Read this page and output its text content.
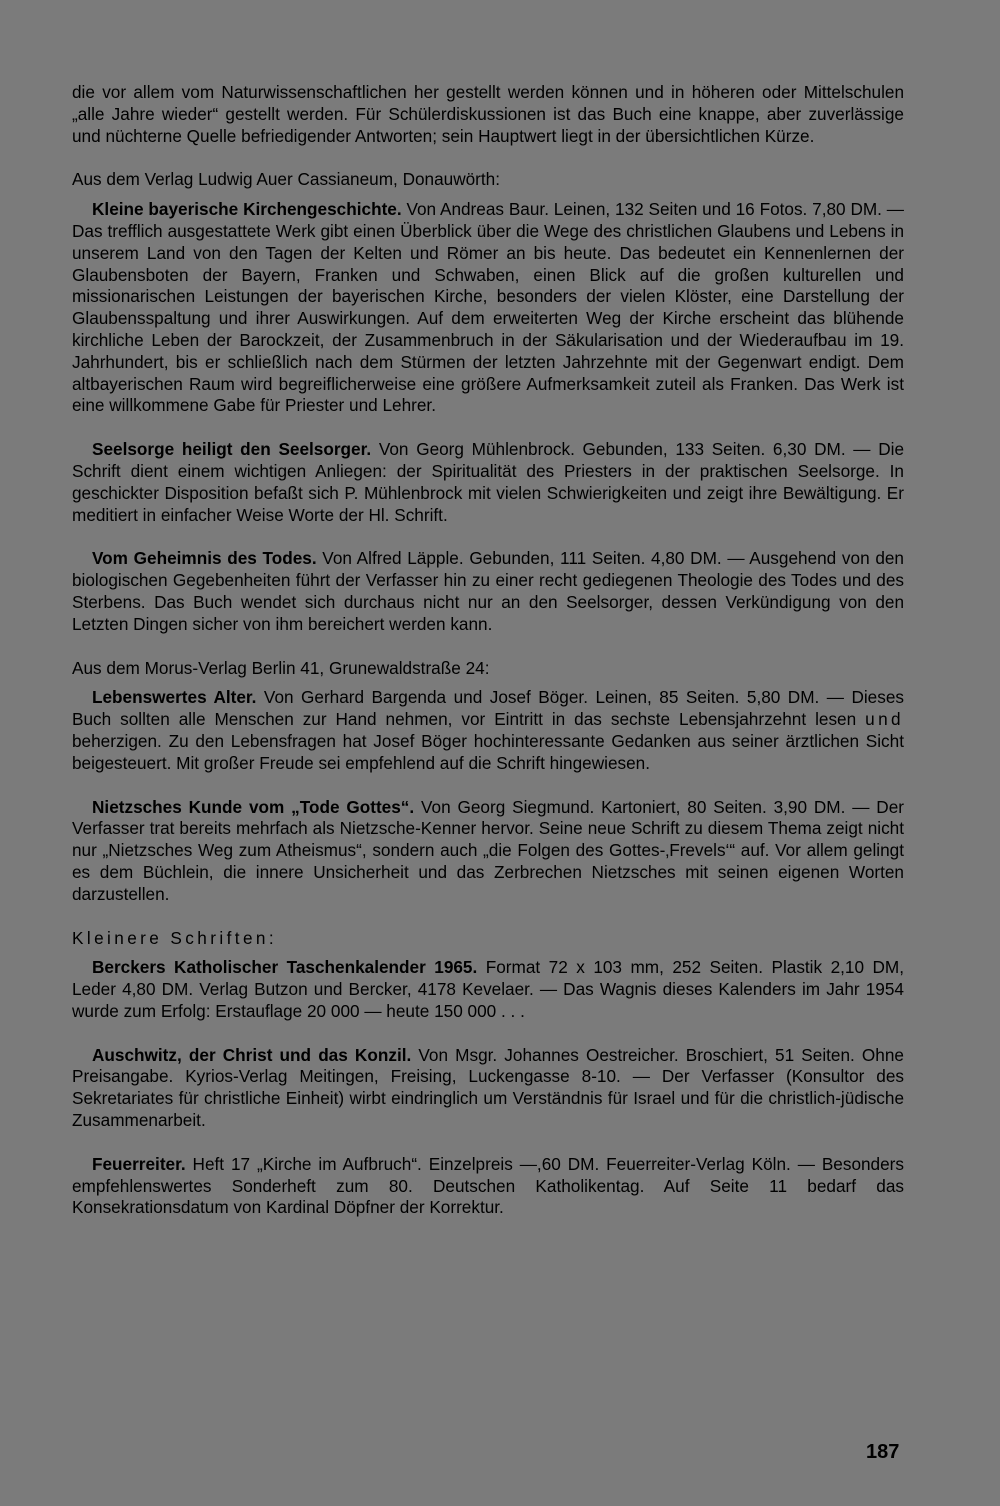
die vor allem vom Naturwissenschaftlichen her gestellt werden können und in höheren oder Mittelschulen „alle Jahre wieder“ gestellt werden. Für Schülerdiskussionen ist das Buch eine knappe, aber zuverlässige und nüchterne Quelle befriedigender Antworten; sein Hauptwert liegt in der übersichtlichen Kürze.

Aus dem Verlag Ludwig Auer Cassianeum, Donauwörth:

Kleine bayerische Kirchengeschichte. Von Andreas Baur. Leinen, 132 Seiten und 16 Fotos. 7,80 DM. — Das trefflich ausgestattete Werk gibt einen Überblick über die Wege des christlichen Glaubens und Lebens in unserem Land von den Tagen der Kelten und Römer an bis heute. Das bedeutet ein Kennenlernen der Glaubensboten der Bayern, Franken und Schwaben, einen Blick auf die großen kulturellen und missionarischen Leistungen der bayerischen Kirche, besonders der vielen Klöster, eine Darstellung der Glaubensspaltung und ihrer Auswirkungen. Auf dem erweiterten Weg der Kirche erscheint das blühende kirchliche Leben der Barockzeit, der Zusammenbruch in der Säkularisation und der Wiederaufbau im 19. Jahrhundert, bis er schließlich nach dem Stürmen der letzten Jahrzehnte mit der Gegenwart endigt. Dem altbayerischen Raum wird begreiflicherweise eine größere Aufmerksamkeit zuteil als Franken. Das Werk ist eine willkommene Gabe für Priester und Lehrer.

Seelsorge heiligt den Seelsorger. Von Georg Mühlenbrock. Gebunden, 133 Seiten. 6,30 DM. — Die Schrift dient einem wichtigen Anliegen: der Spiritualität des Priesters in der praktischen Seelsorge. In geschickter Disposition befaßt sich P. Mühlenbrock mit vielen Schwierigkeiten und zeigt ihre Bewältigung. Er meditiert in einfacher Weise Worte der Hl. Schrift.

Vom Geheimnis des Todes. Von Alfred Läpple. Gebunden, 111 Seiten. 4,80 DM. — Ausgehend von den biologischen Gegebenheiten führt der Verfasser hin zu einer recht gediegenen Theologie des Todes und des Sterbens. Das Buch wendet sich durchaus nicht nur an den Seelsorger, dessen Verkündigung von den Letzten Dingen sicher von ihm bereichert werden kann.

Aus dem Morus-Verlag Berlin 41, Grunewaldstraße 24:

Lebenswertes Alter. Von Gerhard Bargenda und Josef Böger. Leinen, 85 Seiten. 5,80 DM. — Dieses Buch sollten alle Menschen zur Hand nehmen, vor Eintritt in das sechste Lebensjahrzehnt lesen und beherzigen. Zu den Lebensfragen hat Josef Böger hochinteressante Gedanken aus seiner ärztlichen Sicht beigesteuert. Mit großer Freude sei empfehlend auf die Schrift hingewiesen.

Nietzsches Kunde vom „Tode Gottes“. Von Georg Siegmund. Kartoniert, 80 Seiten. 3,90 DM. — Der Verfasser trat bereits mehrfach als Nietzsche-Kenner hervor. Seine neue Schrift zu diesem Thema zeigt nicht nur „Nietzsches Weg zum Atheismus“, sondern auch „die Folgen des Gottes-‚Frevels‘“ auf. Vor allem gelingt es dem Büchlein, die innere Unsicherheit und das Zerbrechen Nietzsches mit seinen eigenen Worten darzustellen.

Kleinere Schriften:

Berckers Katholischer Taschenkalender 1965. Format 72 x 103 mm, 252 Seiten. Plastik 2,10 DM, Leder 4,80 DM. Verlag Butzon und Bercker, 4178 Kevelaer. — Das Wagnis dieses Kalenders im Jahr 1954 wurde zum Erfolg: Erstauflage 20 000 — heute 150 000 . . .

Auschwitz, der Christ und das Konzil. Von Msgr. Johannes Oestreicher. Broschiert, 51 Seiten. Ohne Preisangabe. Kyrios-Verlag Meitingen, Freising, Luckengasse 8-10. — Der Verfasser (Konsultor des Sekretariates für christliche Einheit) wirbt eindringlich um Verständnis für Israel und für die christlich-jüdische Zusammenarbeit.

Feuerreiter. Heft 17 „Kirche im Aufbruch“. Einzelpreis —,60 DM. Feuerreiter-Verlag Köln. — Besonders empfehlenswertes Sonderheft zum 80. Deutschen Katholikentag. Auf Seite 11 bedarf das Konsekrationsdatum von Kardinal Döpfner der Korrektur.

187
